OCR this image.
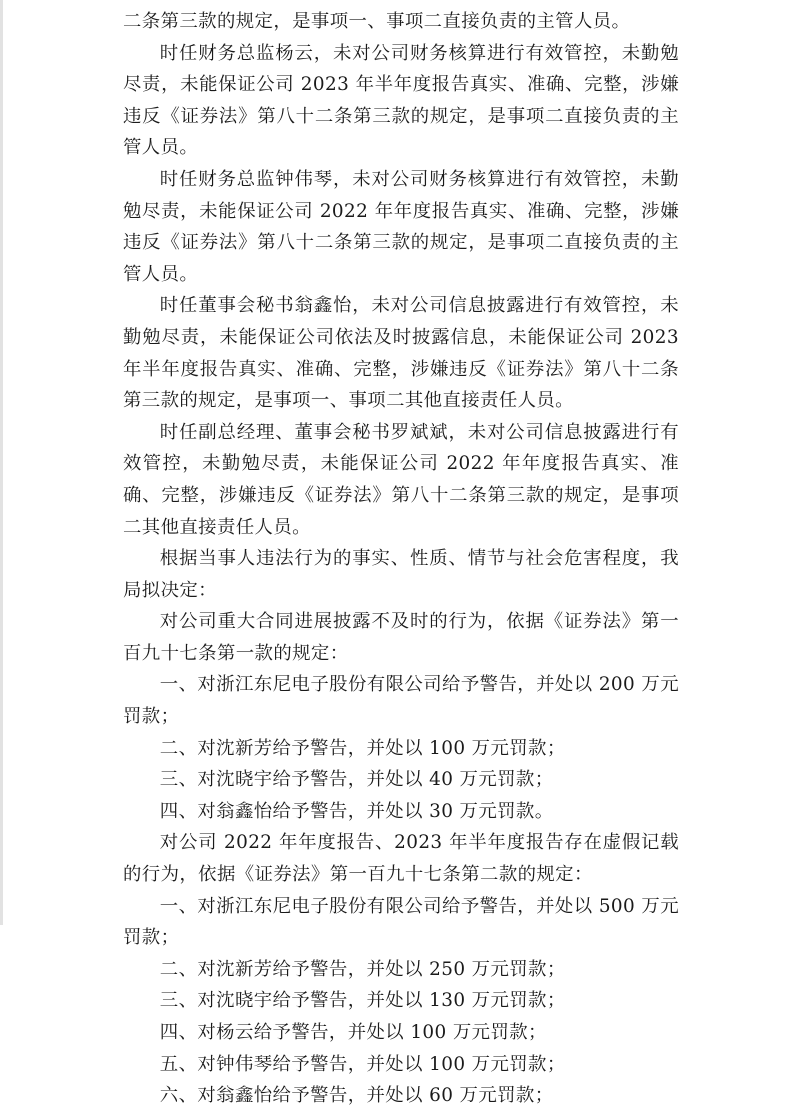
二条第三款的规定，是事项一、事项二直接负责的主管人员。

时任财务总监杨云，未对公司财务核算进行有效管控，未勤勉尽责，未能保证公司 2023 年半年度报告真实、准确、完整，涉嫌违反《证券法》第八十二条第三款的规定，是事项二直接负责的主管人员。

时任财务总监钟伟琴，未对公司财务核算进行有效管控，未勤勉尽责，未能保证公司 2022 年年度报告真实、准确、完整，涉嫌违反《证券法》第八十二条第三款的规定，是事项二直接负责的主管人员。

时任董事会秘书翁鑫怡，未对公司信息披露进行有效管控，未勤勉尽责，未能保证公司依法及时披露信息，未能保证公司 2023 年半年度报告真实、准确、完整，涉嫌违反《证券法》第八十二条第三款的规定，是事项一、事项二其他直接责任人员。

时任副总经理、董事会秘书罗斌斌，未对公司信息披露进行有效管控，未勤勉尽责，未能保证公司 2022 年年度报告真实、准确、完整，涉嫌违反《证券法》第八十二条第三款的规定，是事项二其他直接责任人员。

根据当事人违法行为的事实、性质、情节与社会危害程度，我局拟决定：

对公司重大合同进展披露不及时的行为，依据《证券法》第一百九十七条第一款的规定：

一、对浙江东尼电子股份有限公司给予警告，并处以 200 万元罚款；

二、对沈新芳给予警告，并处以 100 万元罚款；

三、对沈晓宇给予警告，并处以 40 万元罚款；

四、对翁鑫怡给予警告，并处以 30 万元罚款。

对公司 2022 年年度报告、2023 年半年度报告存在虚假记载的行为，依据《证券法》第一百九十七条第二款的规定：

一、对浙江东尼电子股份有限公司给予警告，并处以 500 万元罚款；

二、对沈新芳给予警告，并处以 250 万元罚款；

三、对沈晓宇给予警告，并处以 130 万元罚款；

四、对杨云给予警告，并处以 100 万元罚款；

五、对钟伟琴给予警告，并处以 100 万元罚款；

六、对翁鑫怡给予警告，并处以 60 万元罚款；
